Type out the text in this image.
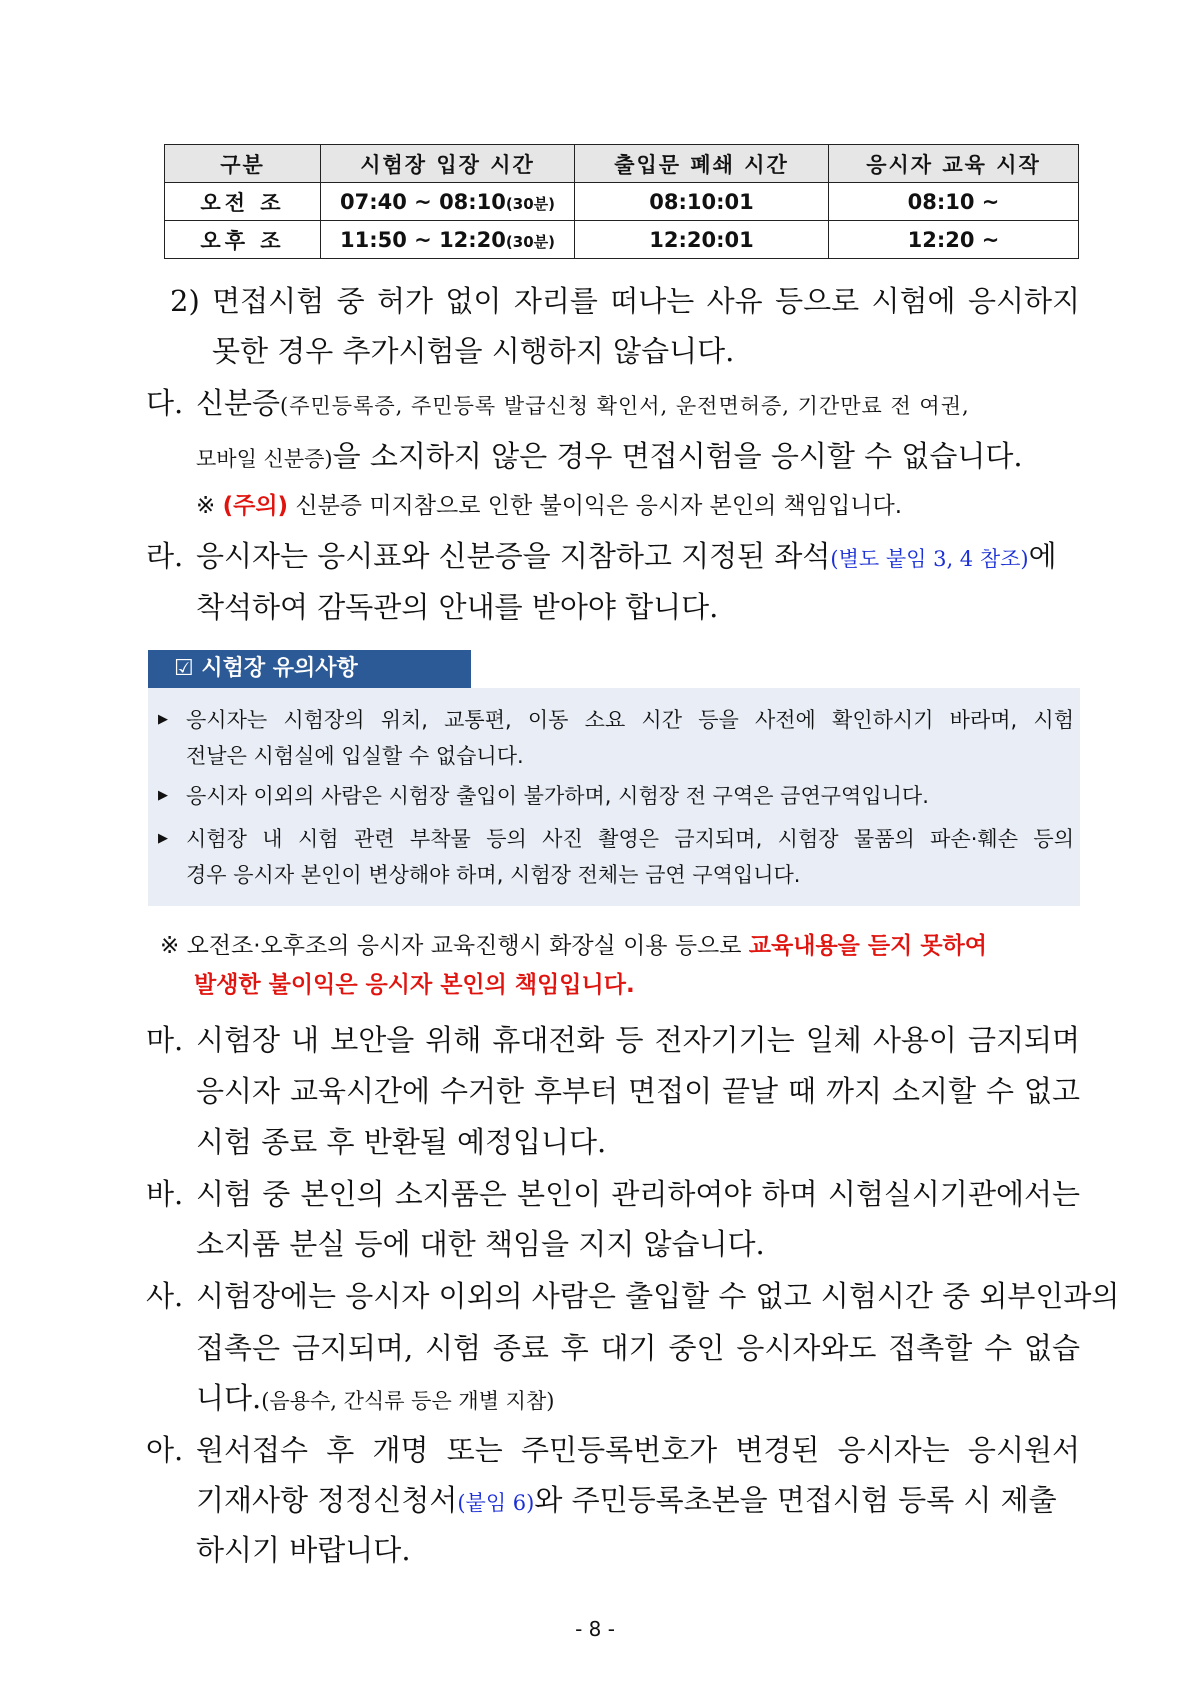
구분	시험장 입장 시간	출입문 폐쇄 시간	응시자 교육 시작
오전 조	07:40 ~ 08:10(30분)	08:10:01	08:10 ~
오후 조	11:50 ~ 12:20(30분)	12:20:01	12:20 ~
2) 면접시험 중 허가 없이 자리를 떠나는 사유 등으로 시험에 응시하지
못한 경우 추가시험을 시행하지 않습니다.
다. 신분증(주민등록증, 주민등록 발급신청 확인서, 운전면허증, 기간만료 전 여권,
모바일 신분증)을 소지하지 않은 경우 면접시험을 응시할 수 없습니다.
※ (주의) 신분증 미지참으로 인한 불이익은 응시자 본인의 책임입니다.
라. 응시자는 응시표와 신분증을 지참하고 지정된 좌석(별도 붙임 3, 4 참조)에
착석하여 감독관의 안내를 받아야 합니다.
☑ 시험장 유의사항
▶ 응시자는 시험장의 위치, 교통편, 이동 소요 시간 등을 사전에 확인하시기 바라며, 시험
전날은 시험실에 입실할 수 없습니다.
▶ 응시자 이외의 사람은 시험장 출입이 불가하며, 시험장 전 구역은 금연구역입니다.
▶ 시험장 내 시험 관련 부착물 등의 사진 촬영은 금지되며, 시험장 물품의 파손·훼손 등의
경우 응시자 본인이 변상해야 하며, 시험장 전체는 금연 구역입니다.
※ 오전조·오후조의 응시자 교육진행시 화장실 이용 등으로 교육내용을 듣지 못하여
발생한 불이익은 응시자 본인의 책임입니다.
마. 시험장 내 보안을 위해 휴대전화 등 전자기기는 일체 사용이 금지되며
응시자 교육시간에 수거한 후부터 면접이 끝날 때 까지 소지할 수 없고
시험 종료 후 반환될 예정입니다.
바. 시험 중 본인의 소지품은 본인이 관리하여야 하며 시험실시기관에서는
소지품 분실 등에 대한 책임을 지지 않습니다.
사. 시험장에는 응시자 이외의 사람은 출입할 수 없고 시험시간 중 외부인과의
접촉은 금지되며, 시험 종료 후 대기 중인 응시자와도 접촉할 수 없습
니다.(음용수, 간식류 등은 개별 지참)
아. 원서접수 후 개명 또는 주민등록번호가 변경된 응시자는 응시원서
기재사항 정정신청서(붙임 6)와 주민등록초본을 면접시험 등록 시 제출
하시기 바랍니다.
- 8 -
